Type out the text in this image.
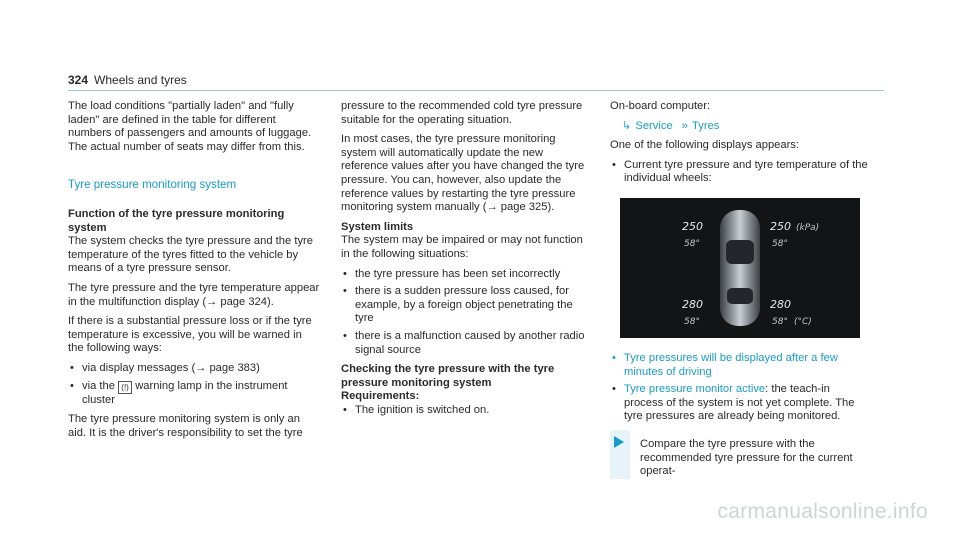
324 Wheels and tyres

The load conditions "partially laden" and "fully laden" are defined in the table for different numbers of passengers and amounts of luggage. The actual number of seats may differ from this.

Tyre pressure monitoring system

Function of the tyre pressure monitoring system

The system checks the tyre pressure and the tyre temperature of the tyres fitted to the vehicle by means of a tyre pressure sensor.

The tyre pressure and the tyre temperature appear in the multifunction display (→ page 324).

If there is a substantial pressure loss or if the tyre temperature is excessive, you will be warned in the following ways:

• via display messages (→ page 383)
• via the (!) warning lamp in the instrument cluster

The tyre pressure monitoring system is only an aid. It is the driver's responsibility to set the tyre

pressure to the recommended cold tyre pressure suitable for the operating situation.

In most cases, the tyre pressure monitoring system will automatically update the new reference values after you have changed the tyre pressure. You can, however, also update the reference values by restarting the tyre pressure monitoring system manually (→ page 325).

System limits

The system may be impaired or may not function in the following situations:

• the tyre pressure has been set incorrectly
• there is a sudden pressure loss caused, for example, by a foreign object penetrating the tyre
• there is a malfunction caused by another radio signal source

Checking the tyre pressure with the tyre pressure monitoring system

Requirements:

• The ignition is switched on.

On-board computer:

↳ Service » Tyres

One of the following displays appears:

• Current tyre pressure and tyre temperature of the individual wheels:
250
58°
250 (kPa)
58°
280
58°
280
58° (°C)
• Tyre pressures will be displayed after a few minutes of driving
• Tyre pressure monitor active: the teach-in process of the system is not yet complete. The tyre pressures are already being monitored.
Compare the tyre pressure with the recommended tyre pressure for the current operat-
carmanualsonline.info
